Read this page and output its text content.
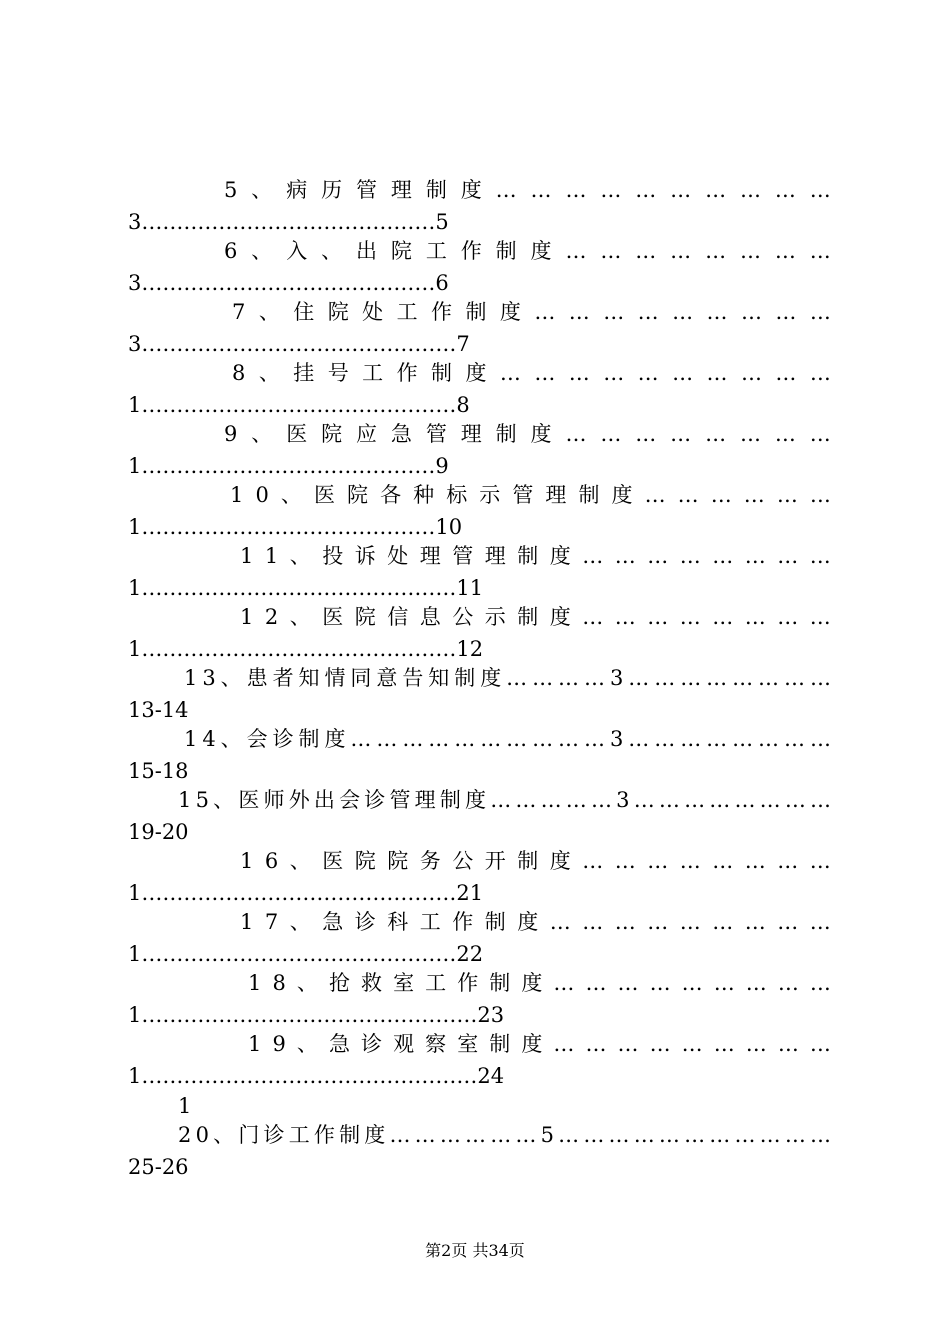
5 、 病 历 管 理 制 度 … … … … … … … … … …
3……………………………………5
6 、 入 、 出 院 工 作 制 度 … … … … … … … …
3……………………………………6
7 、 住 院 处 工 作 制 度 … … … … … … … … …
3………………………………………7
8 、 挂 号 工 作 制 度 … … … … … … … … … …
1………………………………………8
9 、 医 院 应 急 管 理 制 度 … … … … … … … …
1……………………………………9
1 0 、 医 院 各 种 标 示 管 理 制 度 … … … … … …
1……………………………………10
1 1 、 投 诉 处 理 管 理 制 度 … … … … … … … …
1………………………………………11
1 2 、 医 院 信 息 公 示 制 度 … … … … … … … …
1………………………………………12
1 3 、 患 者 知 情 同 意 告 知 制 度 … … … … 3 … … … … … … … …
13-14
1 4 、 会 诊 制 度 … … … … … … … … … … 3 … … … … … … … …
15-18
1 5 、 医 师 外 出 会 诊 管 理 制 度 … … … … … 3 … … … … … … … …
19-20
1 6 、 医 院 院 务 公 开 制 度 … … … … … … … …
1………………………………………21
1 7 、 急 诊 科 工 作 制 度 … … … … … … … … …
1………………………………………22
1 8 、 抢 救 室 工 作 制 度 … … … … … … … … …
1…………………………………………23
1 9 、 急 诊 观 察 室 制 度 … … … … … … … … …
1…………………………………………24
1
2 0 、 门 诊 工 作 制 度 … … … … … … 5 … … … … … … … … … … …
25-26
第2页 共34页
